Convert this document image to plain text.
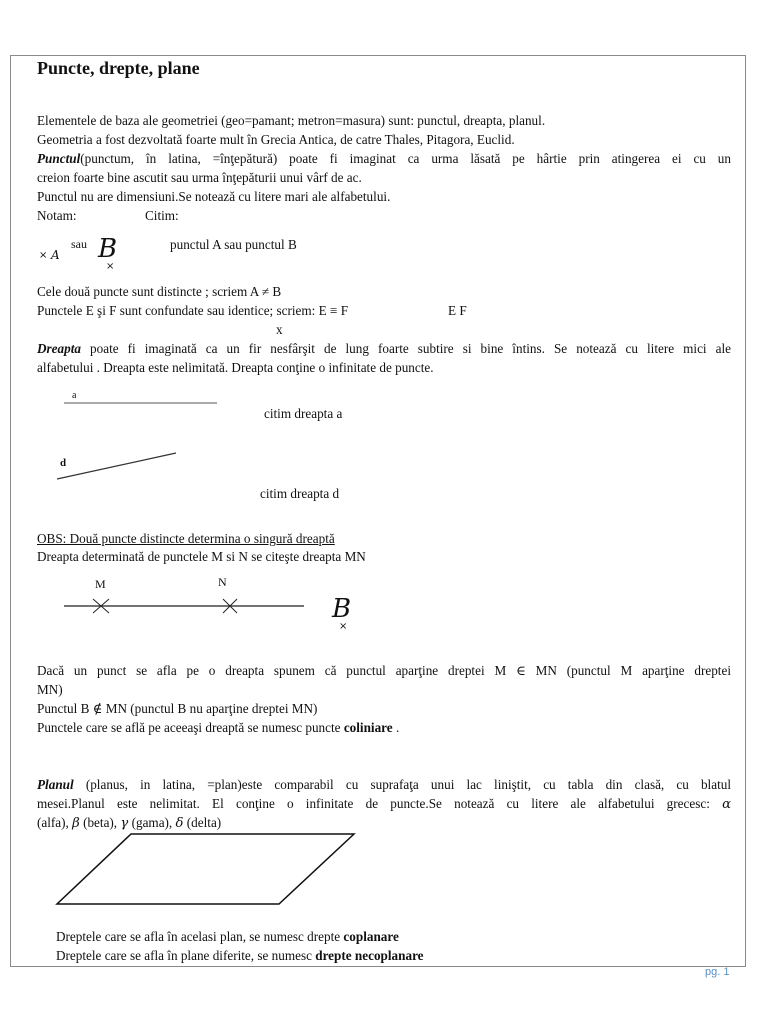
Puncte, drepte, plane
Elementele de baza ale geometriei (geo=pamant; metron=masura) sunt: punctul, dreapta, planul.
Geometria a fost dezvoltată foarte mult în Grecia Antica, de catre Thales, Pitagora, Euclid.
Punctul(punctum, în latina, =înţepătură) poate fi imaginat ca urma lăsată pe hârtie prin atingerea ei cu un
creion foarte bine ascutit sau urma înţepăturii unui vârf de ac.
Punctul nu are dimensiuni.Se notează cu litere mari ale alfabetului.
Notam:	Citim:
× A
sau B
×
punctul A sau punctul B
Cele două puncte sunt distincte ; scriem A ≠ B
Punctele E şi F sunt confundate sau identice; scriem: E ≡ F	E F
x
Dreapta poate fi imaginată ca un fir nesfârşit de lung foarte subtire si bine întins. Se notează cu litere mici ale
alfabetului . Dreapta este nelimitată. Dreapta conţine o infinitate de puncte.
a
citim dreapta a
d
citim dreapta d
OBS: Două puncte distincte determina o singură dreaptă
Dreapta determinată de punctele M si N se citeşte dreapta MN
M	N
B
×
Dacă un punct se afla pe o dreapta spunem că punctul aparţine dreptei M ∈ MN (punctul M aparţine dreptei
MN)
Punctul B ∉ MN (punctul B nu aparţine dreptei MN)
Punctele care se află pe aceeaşi dreaptă se numesc puncte coliniare .
Planul (planus, in latina, =plan)este comparabil cu suprafaţa unui lac liniştit, cu tabla din clasă, cu blatul
mesei.Planul este nelimitat. El conţine o infinitate de puncte.Se notează cu litere ale alfabetului grecesc: α
(alfa), β (beta), γ (gama), δ (delta)
Dreptele care se afla în acelasi plan, se numesc drepte coplanare
Dreptele care se afla în plane diferite, se numesc drepte necoplanare
pg. 1
